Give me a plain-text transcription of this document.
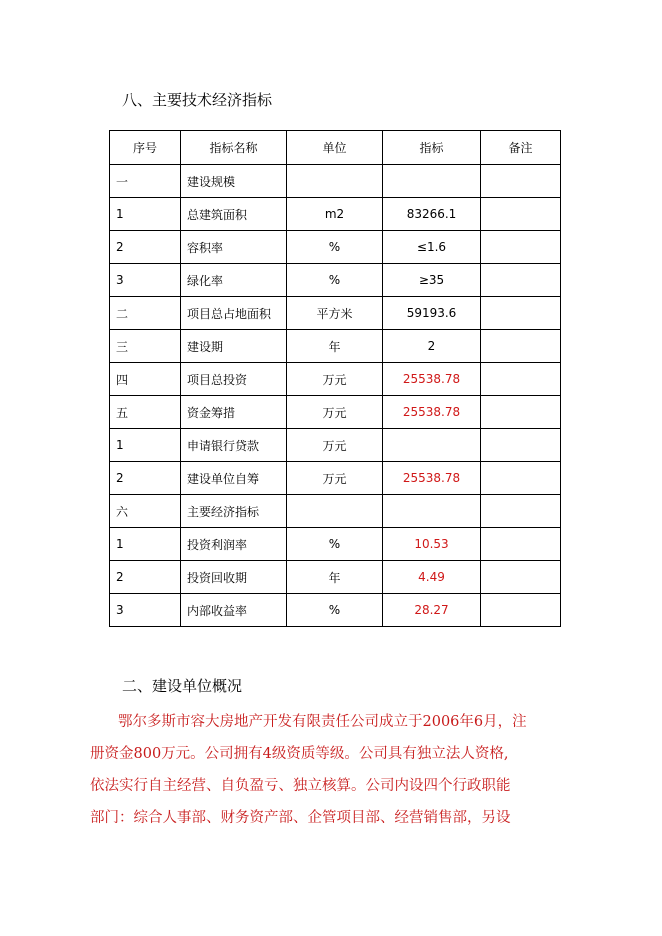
八、主要技术经济指标
序号	指标名称	单位	指标	备注
一	建设规模			
1	总建筑面积	m2	83266.1	
2	容积率	%	≤1.6	
3	绿化率	%	≥35	
二	项目总占地面积	平方米	59193.6	
三	建设期	年	2	
四	项目总投资	万元	25538.78	
五	资金筹措	万元	25538.78	
1	申请银行贷款	万元		
2	建设单位自筹	万元	25538.78	
六	主要经济指标			
1	投资利润率	%	10.53	
2	投资回收期	年	4.49	
3	内部收益率	%	28.27	
二、建设单位概况
鄂尔多斯市容大房地产开发有限责任公司成立于2006年6月，注
册资金800万元。公司拥有4级资质等级。公司具有独立法人资格,
依法实行自主经营、自负盈亏、独立核算。公司内设四个行政职能
部门：综合人事部、财务资产部、企管项目部、经营销售部，另设
